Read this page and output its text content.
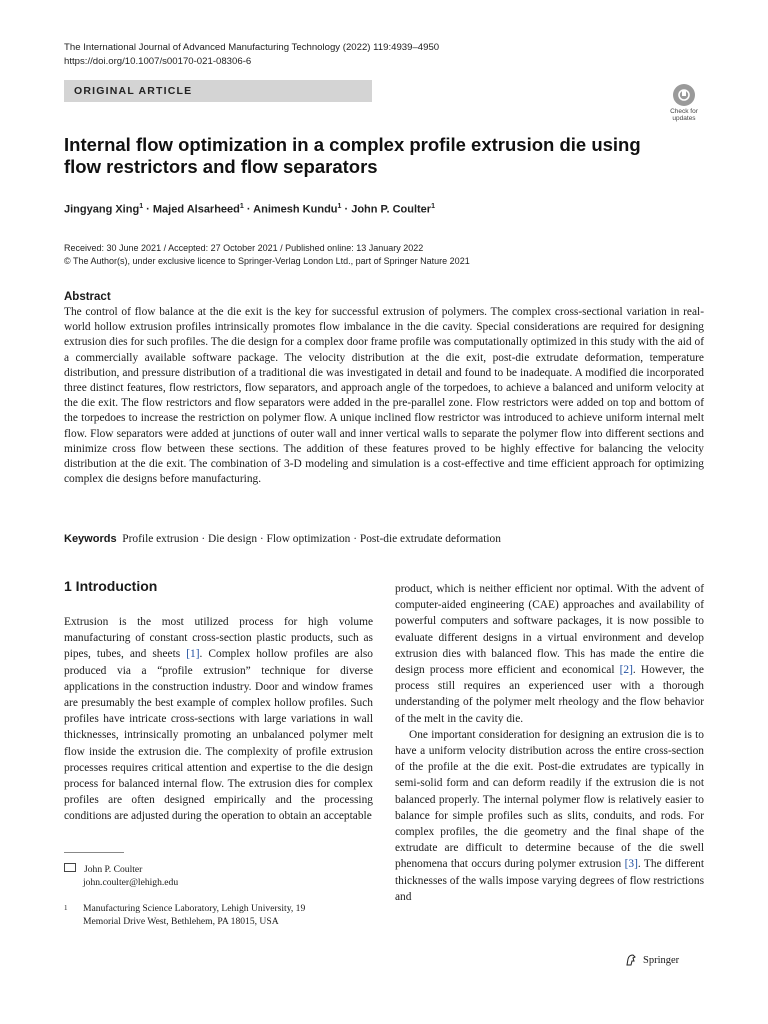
The International Journal of Advanced Manufacturing Technology (2022) 119:4939–4950
https://doi.org/10.1007/s00170-021-08306-6
ORIGINAL ARTICLE
Check for updates
Internal flow optimization in a complex profile extrusion die using flow restrictors and flow separators
Jingyang Xing$^1$ · Majed Alsarheed$^1$ · Animesh Kundu$^1$ · John P. Coulter$^1$
Received: 30 June 2021 / Accepted: 27 October 2021 / Published online: 13 January 2022
© The Author(s), under exclusive licence to Springer-Verlag London Ltd., part of Springer Nature 2021
Abstract
The control of flow balance at the die exit is the key for successful extrusion of polymers. The complex cross-sectional variation in real-world hollow extrusion profiles intrinsically promotes flow imbalance in the die cavity. Special considerations are required for designing extrusion dies for such profiles. The die design for a complex door frame profile was computationally optimized in this study with the aid of a commercially available software package. The velocity distribution at the die exit, post-die extrudate deformation, temperature distribution, and pressure distribution of a traditional die was investigated in detail and found to be inadequate. A modified die incorporated three distinct features, flow restrictors, flow separators, and approach angle of the torpedoes, to achieve a balanced and uniform velocity at the die exit. The flow restrictors and flow separators were added in the pre-parallel zone. Flow restrictors were added on top and bottom of the torpedoes to increase the restriction on polymer flow. A unique inclined flow restrictor was introduced to achieve uniform internal melt flow. Flow separators were added at junctions of outer wall and inner vertical walls to separate the polymer flow into different sections and minimize cross flow between these sections. The addition of these features proved to be highly effective for balancing the velocity distribution at the die exit. The combination of 3-D modeling and simulation is a cost-effective and time efficient approach for optimizing complex die designs before manufacturing.
Keywords Profile extrusion · Die design · Flow optimization · Post-die extrudate deformation
1 Introduction

Extrusion is the most utilized process for high volume manufacturing of constant cross-section plastic products, such as pipes, tubes, and sheets [1]. Complex hollow profiles are also produced via a “profile extrusion” technique for diverse applications in the construction industry. Door and window frames are presumably the best example of complex hollow profiles. Such profiles have intricate cross-sections with large variations in wall thicknesses, intrinsically promoting an unbalanced polymer melt flow inside the extrusion die. The complexity of profile extrusion processes requires critical attention and expertise to the die design process for balanced internal flow. The extrusion dies for complex profiles are often designed empirically and the processing conditions are adjusted during the operation to obtain an acceptable

product, which is neither efficient nor optimal. With the advent of computer-aided engineering (CAE) approaches and availability of powerful computers and software packages, it is now possible to evaluate different designs in a virtual environment and develop extrusion dies with balanced flow. This has made the entire die design process more efficient and economical [2]. However, the process still requires an experienced user with a thorough understanding of the polymer melt rheology and the flow behavior of the melt in the cavity die.

One important consideration for designing an extrusion die is to have a uniform velocity distribution across the entire cross-section of the profile at the die exit. Post-die extrudates are typically in semi-solid form and can deform readily if the extrusion die is not balanced properly. The internal polymer flow is relatively easier to balance for simple profiles such as slits, conduits, and rods. For complex profiles, the die geometry and the final shape of the extrudate are difficult to determine because of the die swell phenomena that occurs during polymer extrusion [3]. The different thicknesses of the walls impose varying degrees of flow restrictions and

John P. Coulter
john.coulter@lehigh.edu
1	Manufacturing Science Laboratory, Lehigh University, 19
Memorial Drive West, Bethlehem, PA 18015, USA
Springer
